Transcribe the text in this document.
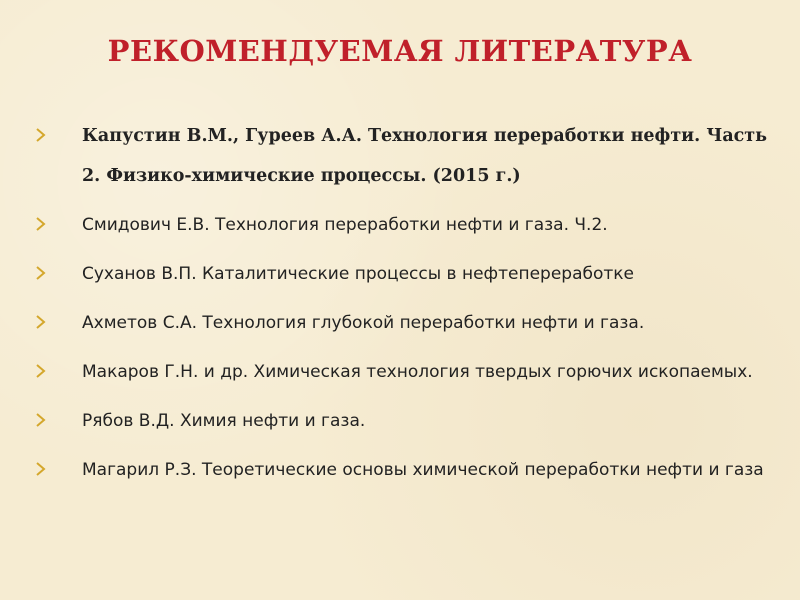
РЕКОМЕНДУЕМАЯ ЛИТЕРАТУРА
Капустин В.М., Гуреев А.А. Технология переработки нефти. Часть 2. Физико-химические процессы. (2015 г.)
Смидович Е.В. Технология переработки нефти и газа. Ч.2.
Суханов В.П. Каталитические процессы в нефтепереработке
Ахметов С.А. Технология глубокой переработки нефти и газа.
Макаров Г.Н. и др. Химическая технология твердых горючих ископаемых.
Рябов В.Д. Химия нефти и газа.
Магарил Р.З. Теоретические основы химической переработки нефти и газа
